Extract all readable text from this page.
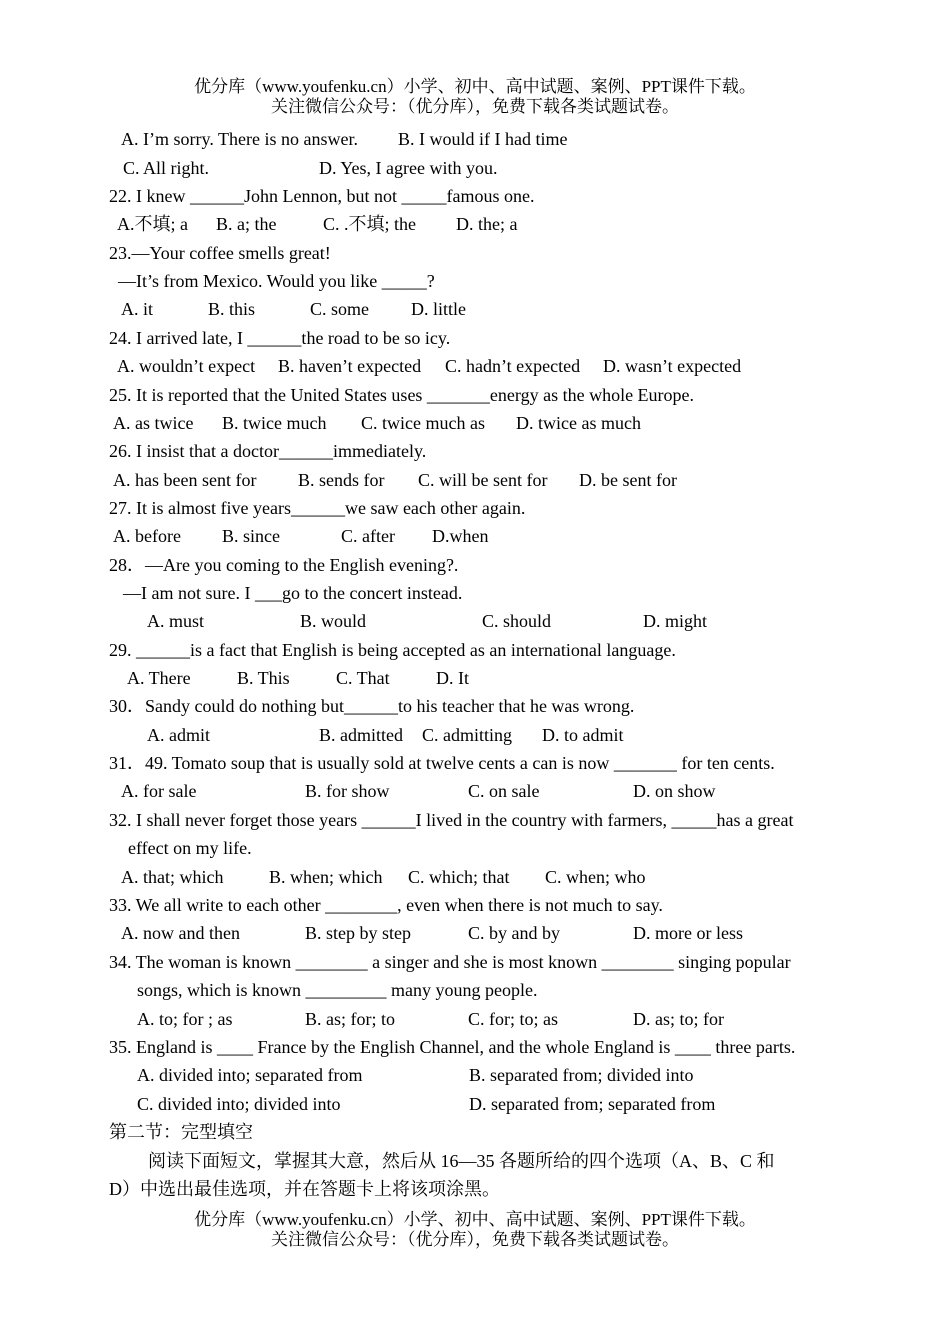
优分库（www.youfenku.cn）小学、初中、高中试题、案例、PPT课件下载。
关注微信公众号：（优分库），免费下载各类试题试卷。
A. I’m sorry. There is no answer. B. I would if I had time
C. All right.	D. Yes, I agree with you.
22. I knew ______John Lennon, but not _____famous one.
A.不填; a B. a; the	C. .不填; the D. the; a
23.—Your coffee smells great!
—It’s from Mexico. Would you like _____?
A. it	B. this	C. some D. little
24. I arrived late, I ______the road to be so icy.
A. wouldn’t expect B. haven’t expected C. hadn’t expected D. wasn’t expected
25. It is reported that the United States uses _______energy as the whole Europe.
A. as twice B. twice much C. twice much as D. twice as much
26. I insist that a doctor______immediately.
A. has been sent for B. sends for C. will be sent for D. be sent for
27. It is almost five years______we saw each other again.
A. before B. since	C. after D.when
28．—Are you coming to the English evening?.
—I am not sure. I ___go to the concert instead.
A. must	B. would	C. should	D. might
29. ______is a fact that English is being accepted as an international language.
A. There	B. This	C. That	D. It
30．Sandy could do nothing but______to his teacher that he was wrong.
A. admit	B. admitted C. admitting D. to admit
31．49. Tomato soup that is usually sold at twelve cents a can is now _______ for ten cents.
A. for sale	B. for show	C. on sale	D. on show
32. I shall never forget those years ______I lived in the country with farmers, _____has a great
effect on my life.
A. that; which	B. when; which C. which; that C. when; who
33. We all write to each other ________, even when there is not much to say.
A. now and then	B. step by step	C. by and by	D. more or less
34. The woman is known ________ a singer and she is most known ________ singing popular
songs, which is known _________ many young people.
A. to; for ; as	B. as; for; to	C. for; to; as	D. as; to; for
35. England is ____ France by the English Channel, and the whole England is ____ three parts.
A. divided into; separated from	B. separated from; divided into
C. divided into; divided into	D. separated from; separated from
第二节：完型填空
阅读下面短文，掌握其大意，然后从 16—35 各题所给的四个选项（A、B、C 和
D）中选出最佳选项，并在答题卡上将该项涂黑。
优分库（www.youfenku.cn）小学、初中、高中试题、案例、PPT课件下载。
关注微信公众号：（优分库），免费下载各类试题试卷。
